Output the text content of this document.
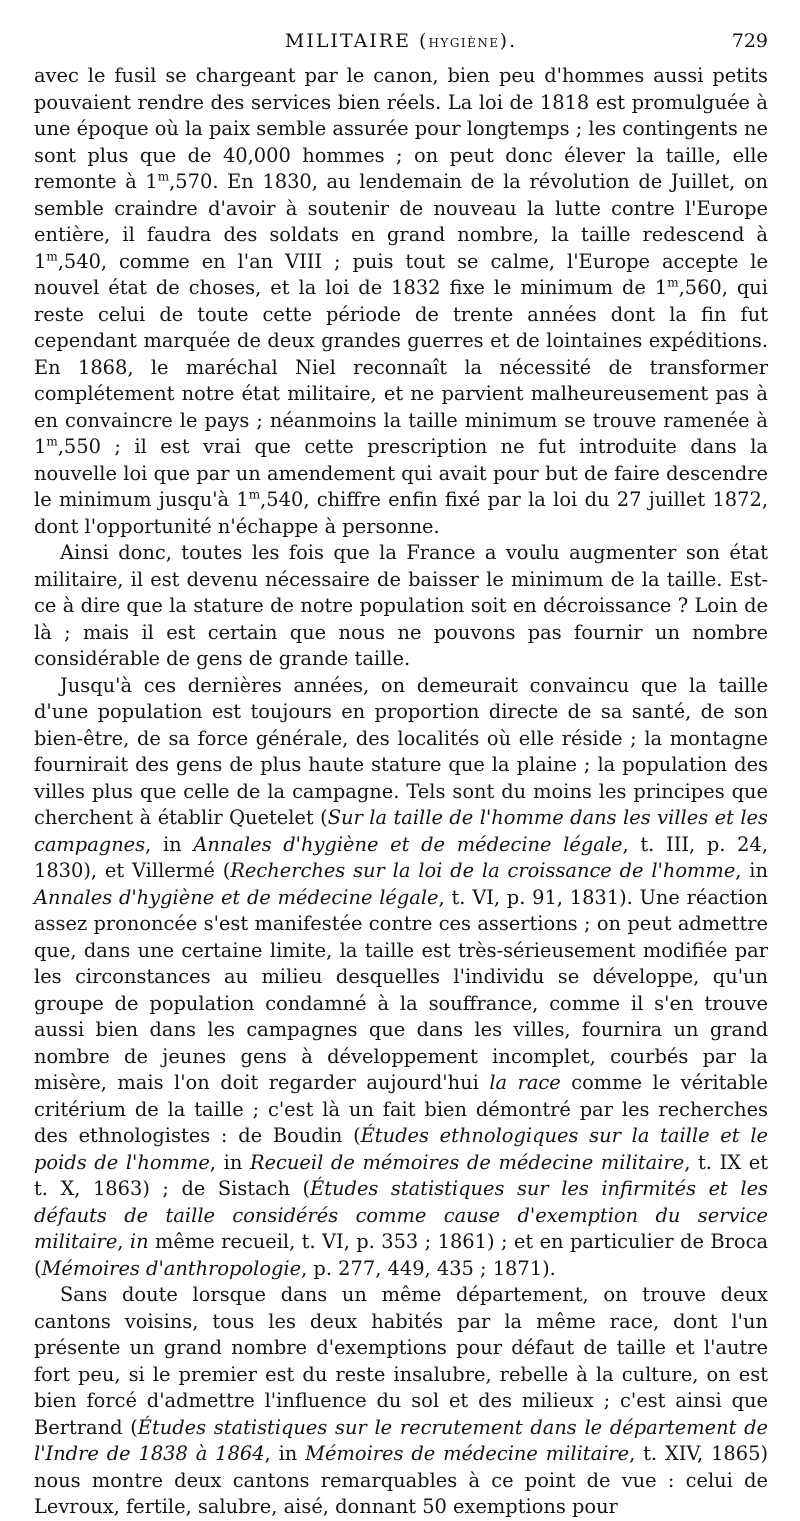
MILITAIRE (HYGIÈNE).	729

avec le fusil se chargeant par le canon, bien peu d'hommes aussi petits pouvaient rendre des services bien réels. La loi de 1818 est promulguée à une époque où la paix semble assurée pour longtemps ; les contingents ne sont plus que de 40,000 hommes ; on peut donc élever la taille, elle remonte à 1$^m$,570. En 1830, au lendemain de la révolution de Juillet, on semble craindre d'avoir à soutenir de nouveau la lutte contre l'Europe entière, il faudra des soldats en grand nombre, la taille redescend à 1$^m$,540, comme en l'an VIII ; puis tout se calme, l'Europe accepte le nouvel état de choses, et la loi de 1832 fixe le minimum de 1$^m$,560, qui reste celui de toute cette période de trente années dont la fin fut cependant marquée de deux grandes guerres et de lointaines expéditions. En 1868, le maréchal Niel reconnaît la nécessité de transformer complétement notre état militaire, et ne parvient malheureusement pas à en convaincre le pays ; néanmoins la taille minimum se trouve ramenée à 1$^m$,550 ; il est vrai que cette prescription ne fut introduite dans la nouvelle loi que par un amendement qui avait pour but de faire descendre le minimum jusqu'à 1$^m$,540, chiffre enfin fixé par la loi du 27 juillet 1872, dont l'opportunité n'échappe à personne.

Ainsi donc, toutes les fois que la France a voulu augmenter son état militaire, il est devenu nécessaire de baisser le minimum de la taille. Est-ce à dire que la stature de notre population soit en décroissance ? Loin de là ; mais il est certain que nous ne pouvons pas fournir un nombre considérable de gens de grande taille.

Jusqu'à ces dernières années, on demeurait convaincu que la taille d'une population est toujours en proportion directe de sa santé, de son bien-être, de sa force générale, des localités où elle réside ; la montagne fournirait des gens de plus haute stature que la plaine ; la population des villes plus que celle de la campagne. Tels sont du moins les principes que cherchent à établir Quetelet (Sur la taille de l'homme dans les villes et les campagnes, in Annales d'hygiène et de médecine légale, t. III, p. 24, 1830), et Villermé (Recherches sur la loi de la croissance de l'homme, in Annales d'hygiène et de médecine légale, t. VI, p. 91, 1831). Une réaction assez prononcée s'est manifestée contre ces assertions ; on peut admettre que, dans une certaine limite, la taille est très-sérieusement modifiée par les circonstances au milieu desquelles l'individu se développe, qu'un groupe de population condamné à la souffrance, comme il s'en trouve aussi bien dans les campagnes que dans les villes, fournira un grand nombre de jeunes gens à développement incomplet, courbés par la misère, mais l'on doit regarder aujourd'hui la race comme le véritable critérium de la taille ; c'est là un fait bien démontré par les recherches des ethnologistes : de Boudin (Études ethnologiques sur la taille et le poids de l'homme, in Recueil de mémoires de médecine militaire, t. IX et t. X, 1863) ; de Sistach (Études statistiques sur les infirmités et les défauts de taille considérés comme cause d'exemption du service militaire, in même recueil, t. VI, p. 353 ; 1861) ; et en particulier de Broca (Mémoires d'anthropologie, p. 277, 449, 435 ; 1871).

Sans doute lorsque dans un même département, on trouve deux cantons voisins, tous les deux habités par la même race, dont l'un présente un grand nombre d'exemptions pour défaut de taille et l'autre fort peu, si le premier est du reste insalubre, rebelle à la culture, on est bien forcé d'admettre l'influence du sol et des milieux ; c'est ainsi que Bertrand (Études statistiques sur le recrutement dans le département de l'Indre de 1838 à 1864, in Mémoires de médecine militaire, t. XIV, 1865) nous montre deux cantons remarquables à ce point de vue : celui de Levroux, fertile, salubre, aisé, donnant 50 exemptions pour
